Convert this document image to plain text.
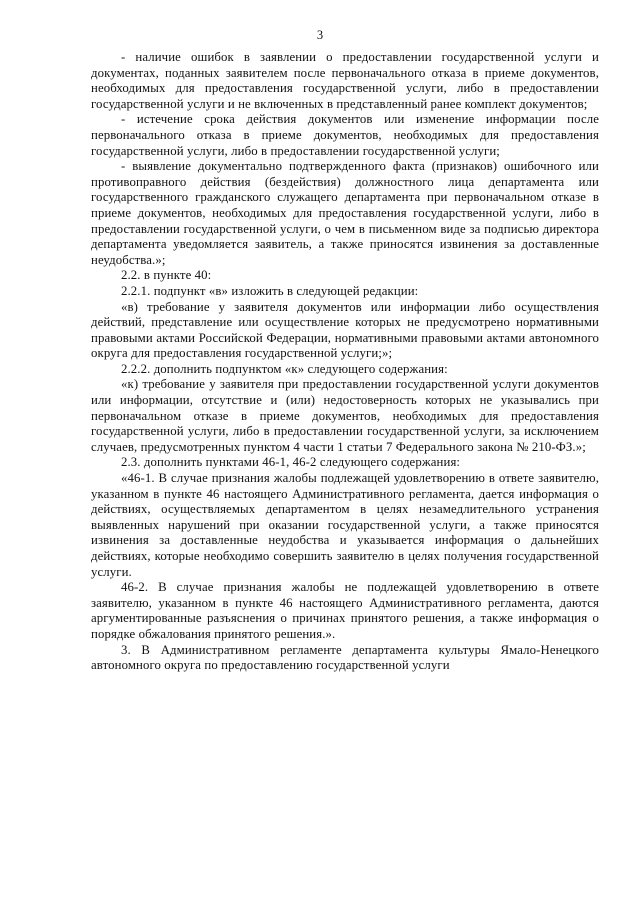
3

- наличие ошибок в заявлении о предоставлении государственной услуги и документах, поданных заявителем после первоначального отказа в приеме документов, необходимых для предоставления государственной услуги, либо в предоставлении государственной услуги и не включенных в представленный ранее комплект документов;

- истечение срока действия документов или изменение информации после первоначального отказа в приеме документов, необходимых для предоставления государственной услуги, либо в предоставлении государственной услуги;

- выявление документально подтвержденного факта (признаков) ошибочного или противоправного действия (бездействия) должностного лица департамента или государственного гражданского служащего департамента при первоначальном отказе в приеме документов, необходимых для предоставления государственной услуги, либо в предоставлении государственной услуги, о чем в письменном виде за подписью директора департамента уведомляется заявитель, а также приносятся извинения за доставленные неудобства.»;

2.2. в пункте 40:

2.2.1. подпункт «в» изложить в следующей редакции:

«в) требование у заявителя документов или информации либо осуществления действий, представление или осуществление которых не предусмотрено нормативными правовыми актами Российской Федерации, нормативными правовыми актами автономного округа для предоставления государственной услуги;»;

2.2.2. дополнить подпунктом «к» следующего содержания:

«к) требование у заявителя при предоставлении государственной услуги документов или информации, отсутствие и (или) недостоверность которых не указывались при первоначальном отказе в приеме документов, необходимых для предоставления государственной услуги, либо в предоставлении государственной услуги, за исключением случаев, предусмотренных пунктом 4 части 1 статьи 7 Федерального закона № 210-ФЗ.»;

2.3. дополнить пунктами 46-1, 46-2 следующего содержания:

«46-1. В случае признания жалобы подлежащей удовлетворению в ответе заявителю, указанном в пункте 46 настоящего Административного регламента, дается информация о действиях, осуществляемых департаментом в целях незамедлительного устранения выявленных нарушений при оказании государственной услуги, а также приносятся извинения за доставленные неудобства и указывается информация о дальнейших действиях, которые необходимо совершить заявителю в целях получения государственной услуги.

46-2. В случае признания жалобы не подлежащей удовлетворению в ответе заявителю, указанном в пункте 46 настоящего Административного регламента, даются аргументированные разъяснения о причинах принятого решения, а также информация о порядке обжалования принятого решения.».

3. В Административном регламенте департамента культуры Ямало-Ненецкого автономного округа по предоставлению государственной услуги
